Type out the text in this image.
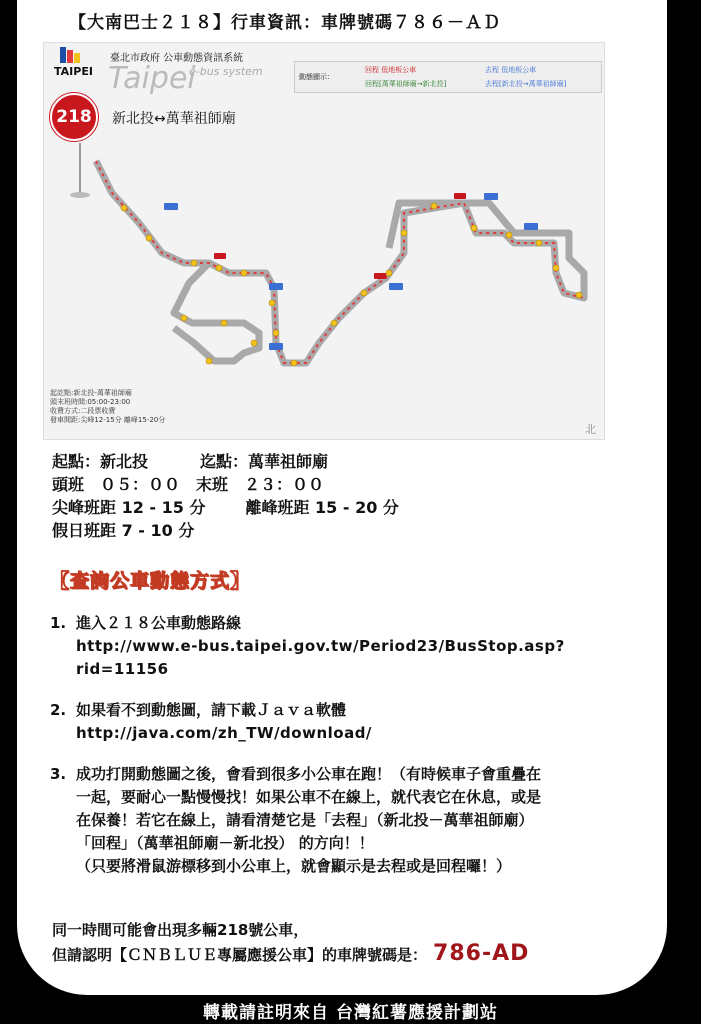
【大南巴士２１８】行車資訊：車牌號碼７８６－ＡＤ
TAIPEI
臺北市政府 公車動態資訊系統
Taipei
e-bus system	動態顯示：
回程 低地板公車	去程 低地板公車
回程[萬華祖師廟→新北投]	去程[新北投→萬華祖師廟]
218	新北投↔萬華祖師廟
起訖點:新北投-萬華祖師廟
頭末班時間:05:00-23:00
收費方式:二段票收費
發車間距:尖峰12-15分 離峰15-20分
北
起點：新北投	迄點：萬華祖師廟
頭班　０５：００　末班　２３：００
尖峰班距 12 - 15 分	離峰班距 15 - 20 分
假日班距 7 - 10 分
【查詢公車動態方式】
1. 進入２１８公車動態路線
http://www.e-bus.taipei.gov.tw/Period23/BusStop.asp?rid=11156
2. 如果看不到動態圖，請下載Ｊａｖａ軟體
http://java.com/zh_TW/download/
3. 成功打開動態圖之後，會看到很多小公車在跑！（有時候車子會重疊在
一起，要耐心一點慢慢找！如果公車不在線上，就代表它在休息，或是
在保養！若它在線上，請看清楚它是「去程」（新北投－萬華祖師廟）
「回程」（萬華祖師廟－新北投） 的方向！！
（只要將滑鼠游標移到小公車上，就會顯示是去程或是回程囉！）
同一時間可能會出現多輛218號公車，
但請認明【ＣＮＢＬＵＥ專屬應援公車】的車牌號碼是： 786-AD
轉載請註明來自 台灣紅薯應援計劃站
